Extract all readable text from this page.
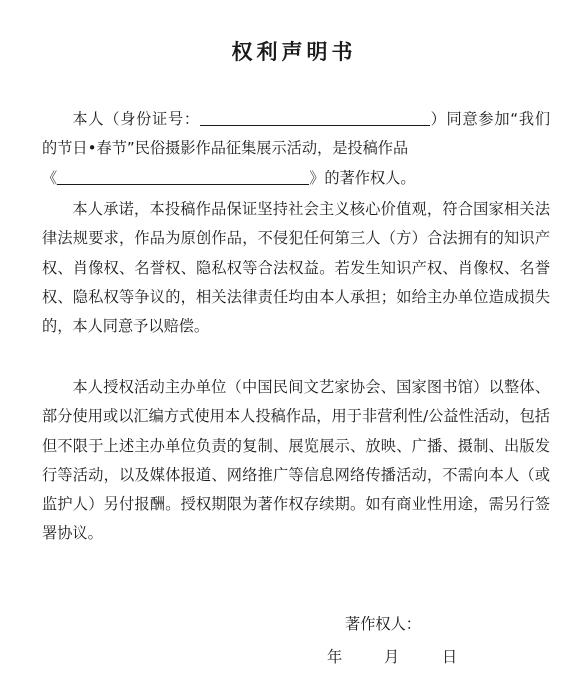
权利声明书
本人（身份证号：	）同意参加“我们的节日•春节”民俗摄影作品征集展示活动，是投稿作品
《	》的著作权人。
本人承诺，本投稿作品保证坚持社会主义核心价值观，符合国家相关法律法规要求，作品为原创作品，不侵犯任何第三人（方）合法拥有的知识产权、肖像权、名誉权、隐私权等合法权益。若发生知识产权、肖像权、名誉权、隐私权等争议的，相关法律责任均由本人承担；如给主办单位造成损失的，本人同意予以赔偿。
本人授权活动主办单位（中国民间文艺家协会、国家图书馆）以整体、部分使用或以汇编方式使用本人投稿作品，用于非营利性/公益性活动，包括但不限于上述主办单位负责的复制、展览展示、放映、广播、摄制、出版发行等活动，以及媒体报道、网络推广等信息网络传播活动，不需向本人（或监护人）另付报酬。授权期限为著作权存续期。如有商业性用途，需另行签署协议。
著作权人：
年	月	日
